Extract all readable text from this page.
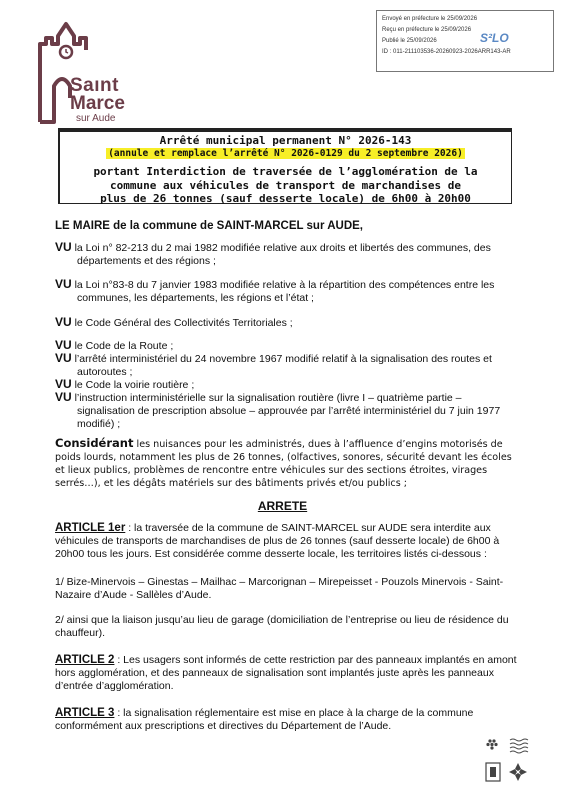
Saınt
Marce
sur Aude
Envoyé en préfecture le 25/09/2026
Reçu en préfecture le 25/09/2026
Publié le 25/09/2026
ID : 011-211103536-20260923-2026ARR143-AR
S²LO
Arrêté municipal permanent N° 2026-143
(annule et remplace l’arrêté N° 2026-0129 du 2 septembre 2026)
portant Interdiction de traversée de l’agglomération de la
commune aux véhicules de transport de marchandises de
plus de 26 tonnes (sauf desserte locale) de 6h00 à 20h00
LE MAIRE de la commune de SAINT-MARCEL sur AUDE,
VU la Loi n° 82-213 du 2 mai 1982 modifiée relative aux droits et libertés des communes, des départements et des régions ;
VU la Loi n°83-8 du 7 janvier 1983 modifiée relative à la répartition des compétences entre les communes, les départements, les régions et l’état ;
VU le Code Général des Collectivités Territoriales ;
VU le Code de la Route ;
VU l’arrêté interministériel du 24 novembre 1967 modifié relatif à la signalisation des routes et autoroutes ;
VU le Code la voirie routière ;
VU l’instruction interministérielle sur la signalisation routière (livre I – quatrième partie – signalisation de prescription absolue – approuvée par l’arrêté interministériel du 7 juin 1977 modifié) ;
Considérant les nuisances pour les administrés, dues à l’affluence d’engins motorisés de poids lourds, notamment les plus de 26 tonnes, (olfactives, sonores, sécurité devant les écoles et lieux publics, problèmes de rencontre entre véhicules sur des sections étroites, virages serrés…), et les dégâts matériels sur des bâtiments privés et/ou publics ;
ARRETE
ARTICLE 1er : la traversée de la commune de SAINT-MARCEL sur AUDE sera interdite aux véhicules de transports de marchandises de plus de 26 tonnes (sauf desserte locale) de 6h00 à 20h00 tous les jours. Est considérée comme desserte locale, les territoires listés ci-dessous :
1/ Bize-Minervois – Ginestas – Mailhac – Marcorignan – Mirepeisset - Pouzols Minervois - Saint-Nazaire d’Aude - Sallèles d’Aude.
2/ ainsi que la liaison jusqu’au lieu de garage (domiciliation de l’entreprise ou lieu de résidence du chauffeur).
ARTICLE 2 : Les usagers sont informés de cette restriction par des panneaux implantés en amont hors agglomération, et des panneaux de signalisation sont implantés juste après les panneaux d’entrée d’agglomération.
ARTICLE 3 : la signalisation réglementaire est mise en place à la charge de la commune conformément aux prescriptions et directives du Département de l’Aude.
